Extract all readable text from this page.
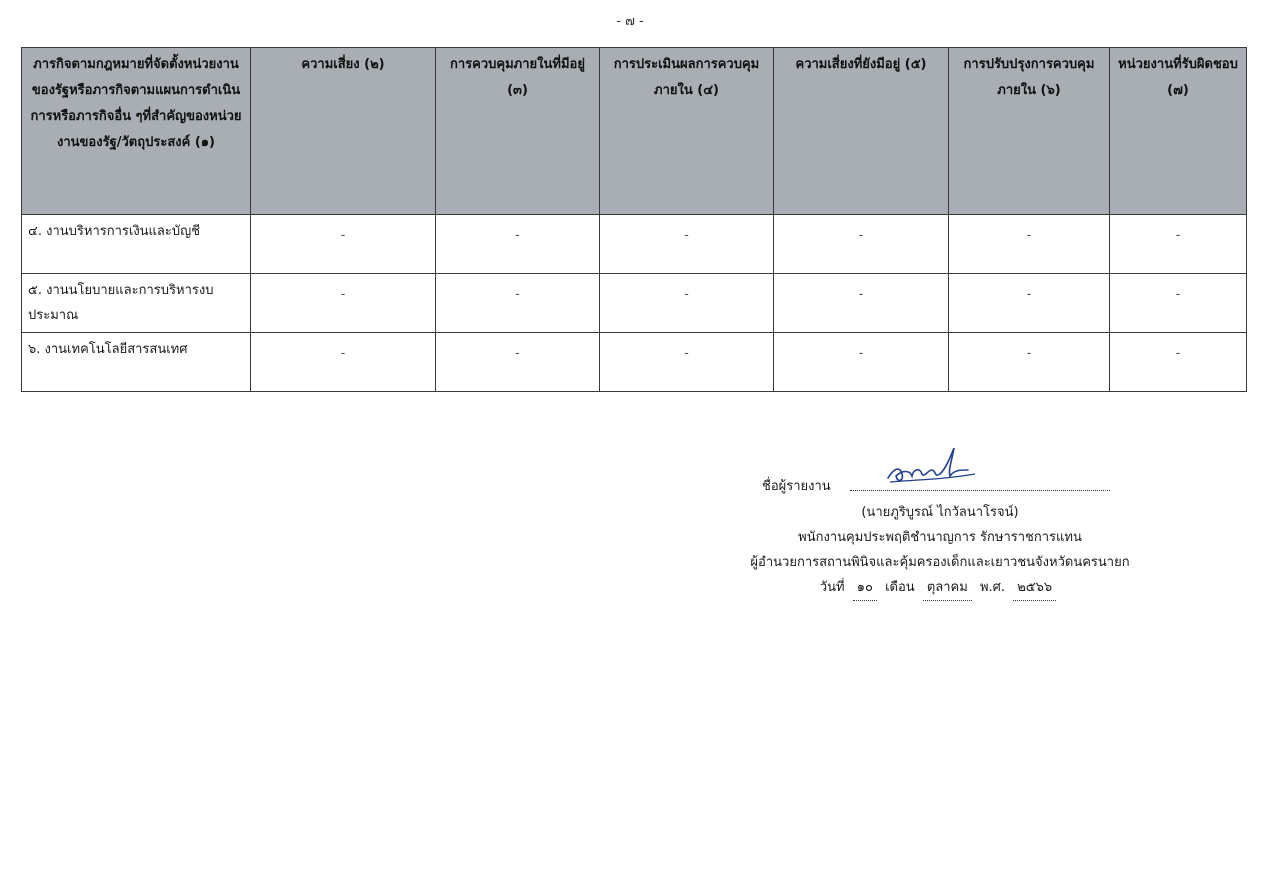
- ๗ -
ภารกิจตามกฎหมายที่จัดตั้งหน่วยงานของรัฐหรือภารกิจตามแผนการดำเนินการหรือภารกิจอื่น ๆที่สำคัญของหน่วยงานของรัฐ/วัตถุประสงค์ (๑)	ความเสี่ยง (๒)	การควบคุมภายในที่มีอยู่ (๓)	การประเมินผลการควบคุมภายใน (๔)	ความเสี่ยงที่ยังมีอยู่ (๕)	การปรับปรุงการควบคุมภายใน (๖)	หน่วยงานที่รับผิดชอบ (๗)
๔. งานบริหารการเงินและบัญชี	-	-	-	-	-	-
๕. งานนโยบายและการบริหารงบประมาณ	-	-	-	-	-	-
๖. งานเทคโนโลยีสารสนเทศ	-	-	-	-	-	-
ชื่อผู้รายงาน
(นายภูริบูรณ์ ไกวัลนาโรจน์)
พนักงานคุมประพฤติชำนาญการ รักษาราชการแทน
ผู้อำนวยการสถานพินิจและคุ้มครองเด็กและเยาวชนจังหวัดนครนายก
วันที่ ๑๐ เดือน ตุลาคม พ.ศ. ๒๕๖๖
